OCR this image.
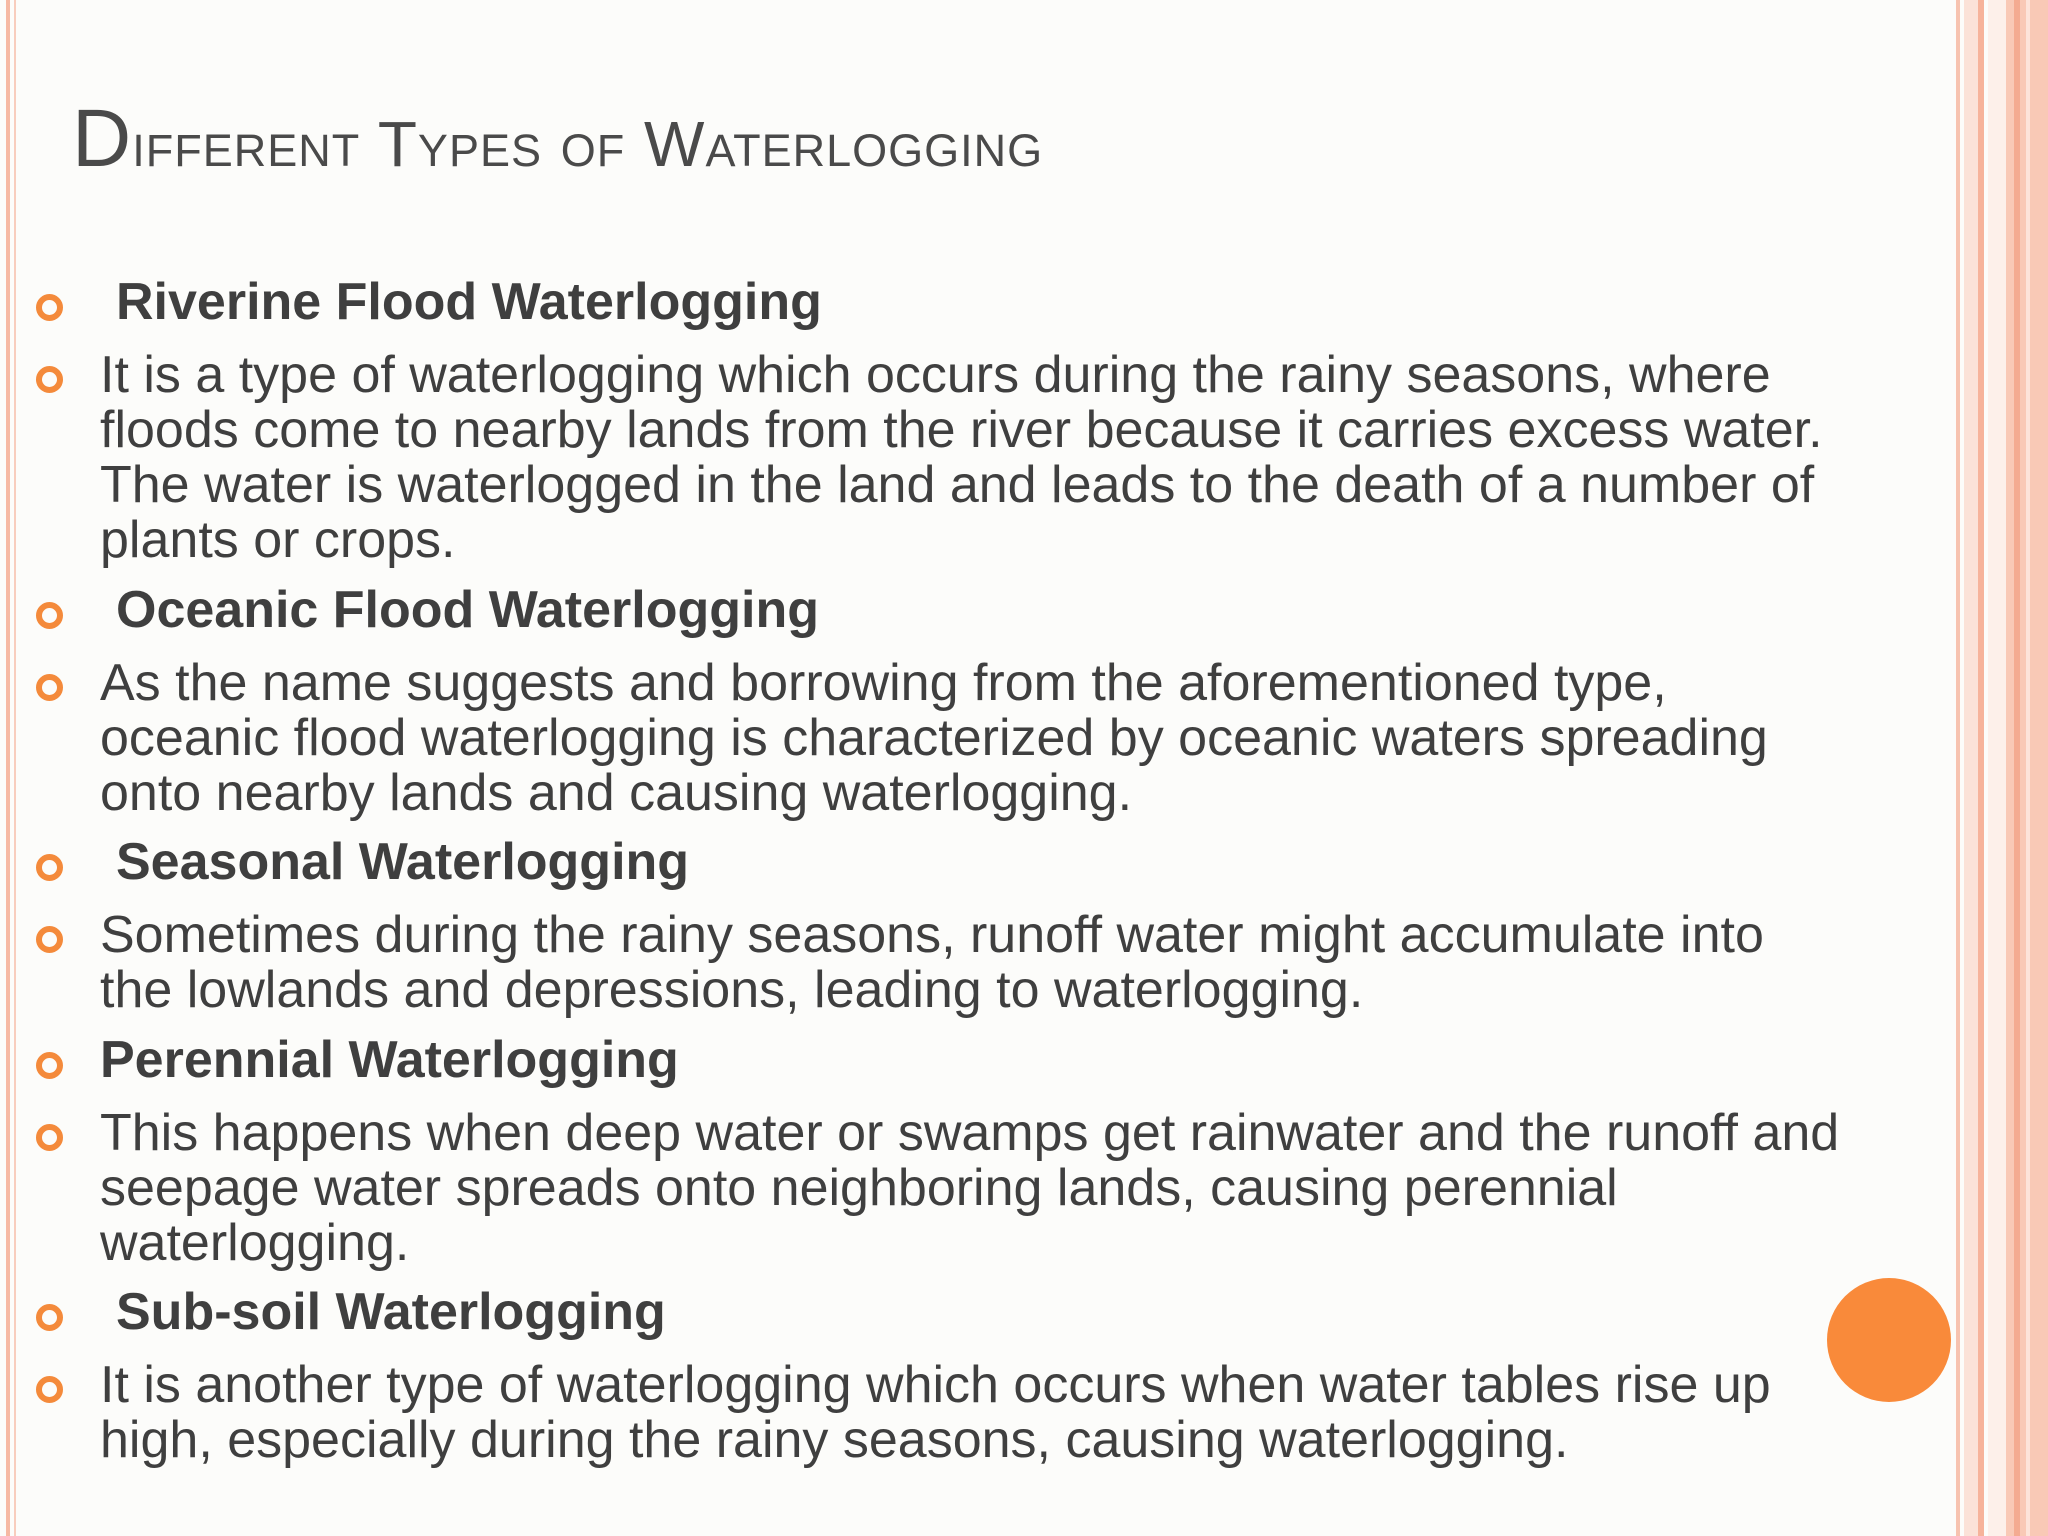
Different Types of Waterlogging
Riverine Flood Waterlogging
It is a type of waterlogging which occurs during the rainy seasons, where
floods come to nearby lands from the river because it carries excess water.
The water is waterlogged in the land and leads to the death of a number of
plants or crops.
Oceanic Flood Waterlogging
As the name suggests and borrowing from the aforementioned type,
oceanic flood waterlogging is characterized by oceanic waters spreading
onto nearby lands and causing waterlogging.
Seasonal Waterlogging
Sometimes during the rainy seasons, runoff water might accumulate into
the lowlands and depressions, leading to waterlogging.
Perennial Waterlogging
This happens when deep water or swamps get rainwater and the runoff and
seepage water spreads onto neighboring lands, causing perennial
waterlogging.
Sub-soil Waterlogging
It is another type of waterlogging which occurs when water tables rise up
high, especially during the rainy seasons, causing waterlogging.
